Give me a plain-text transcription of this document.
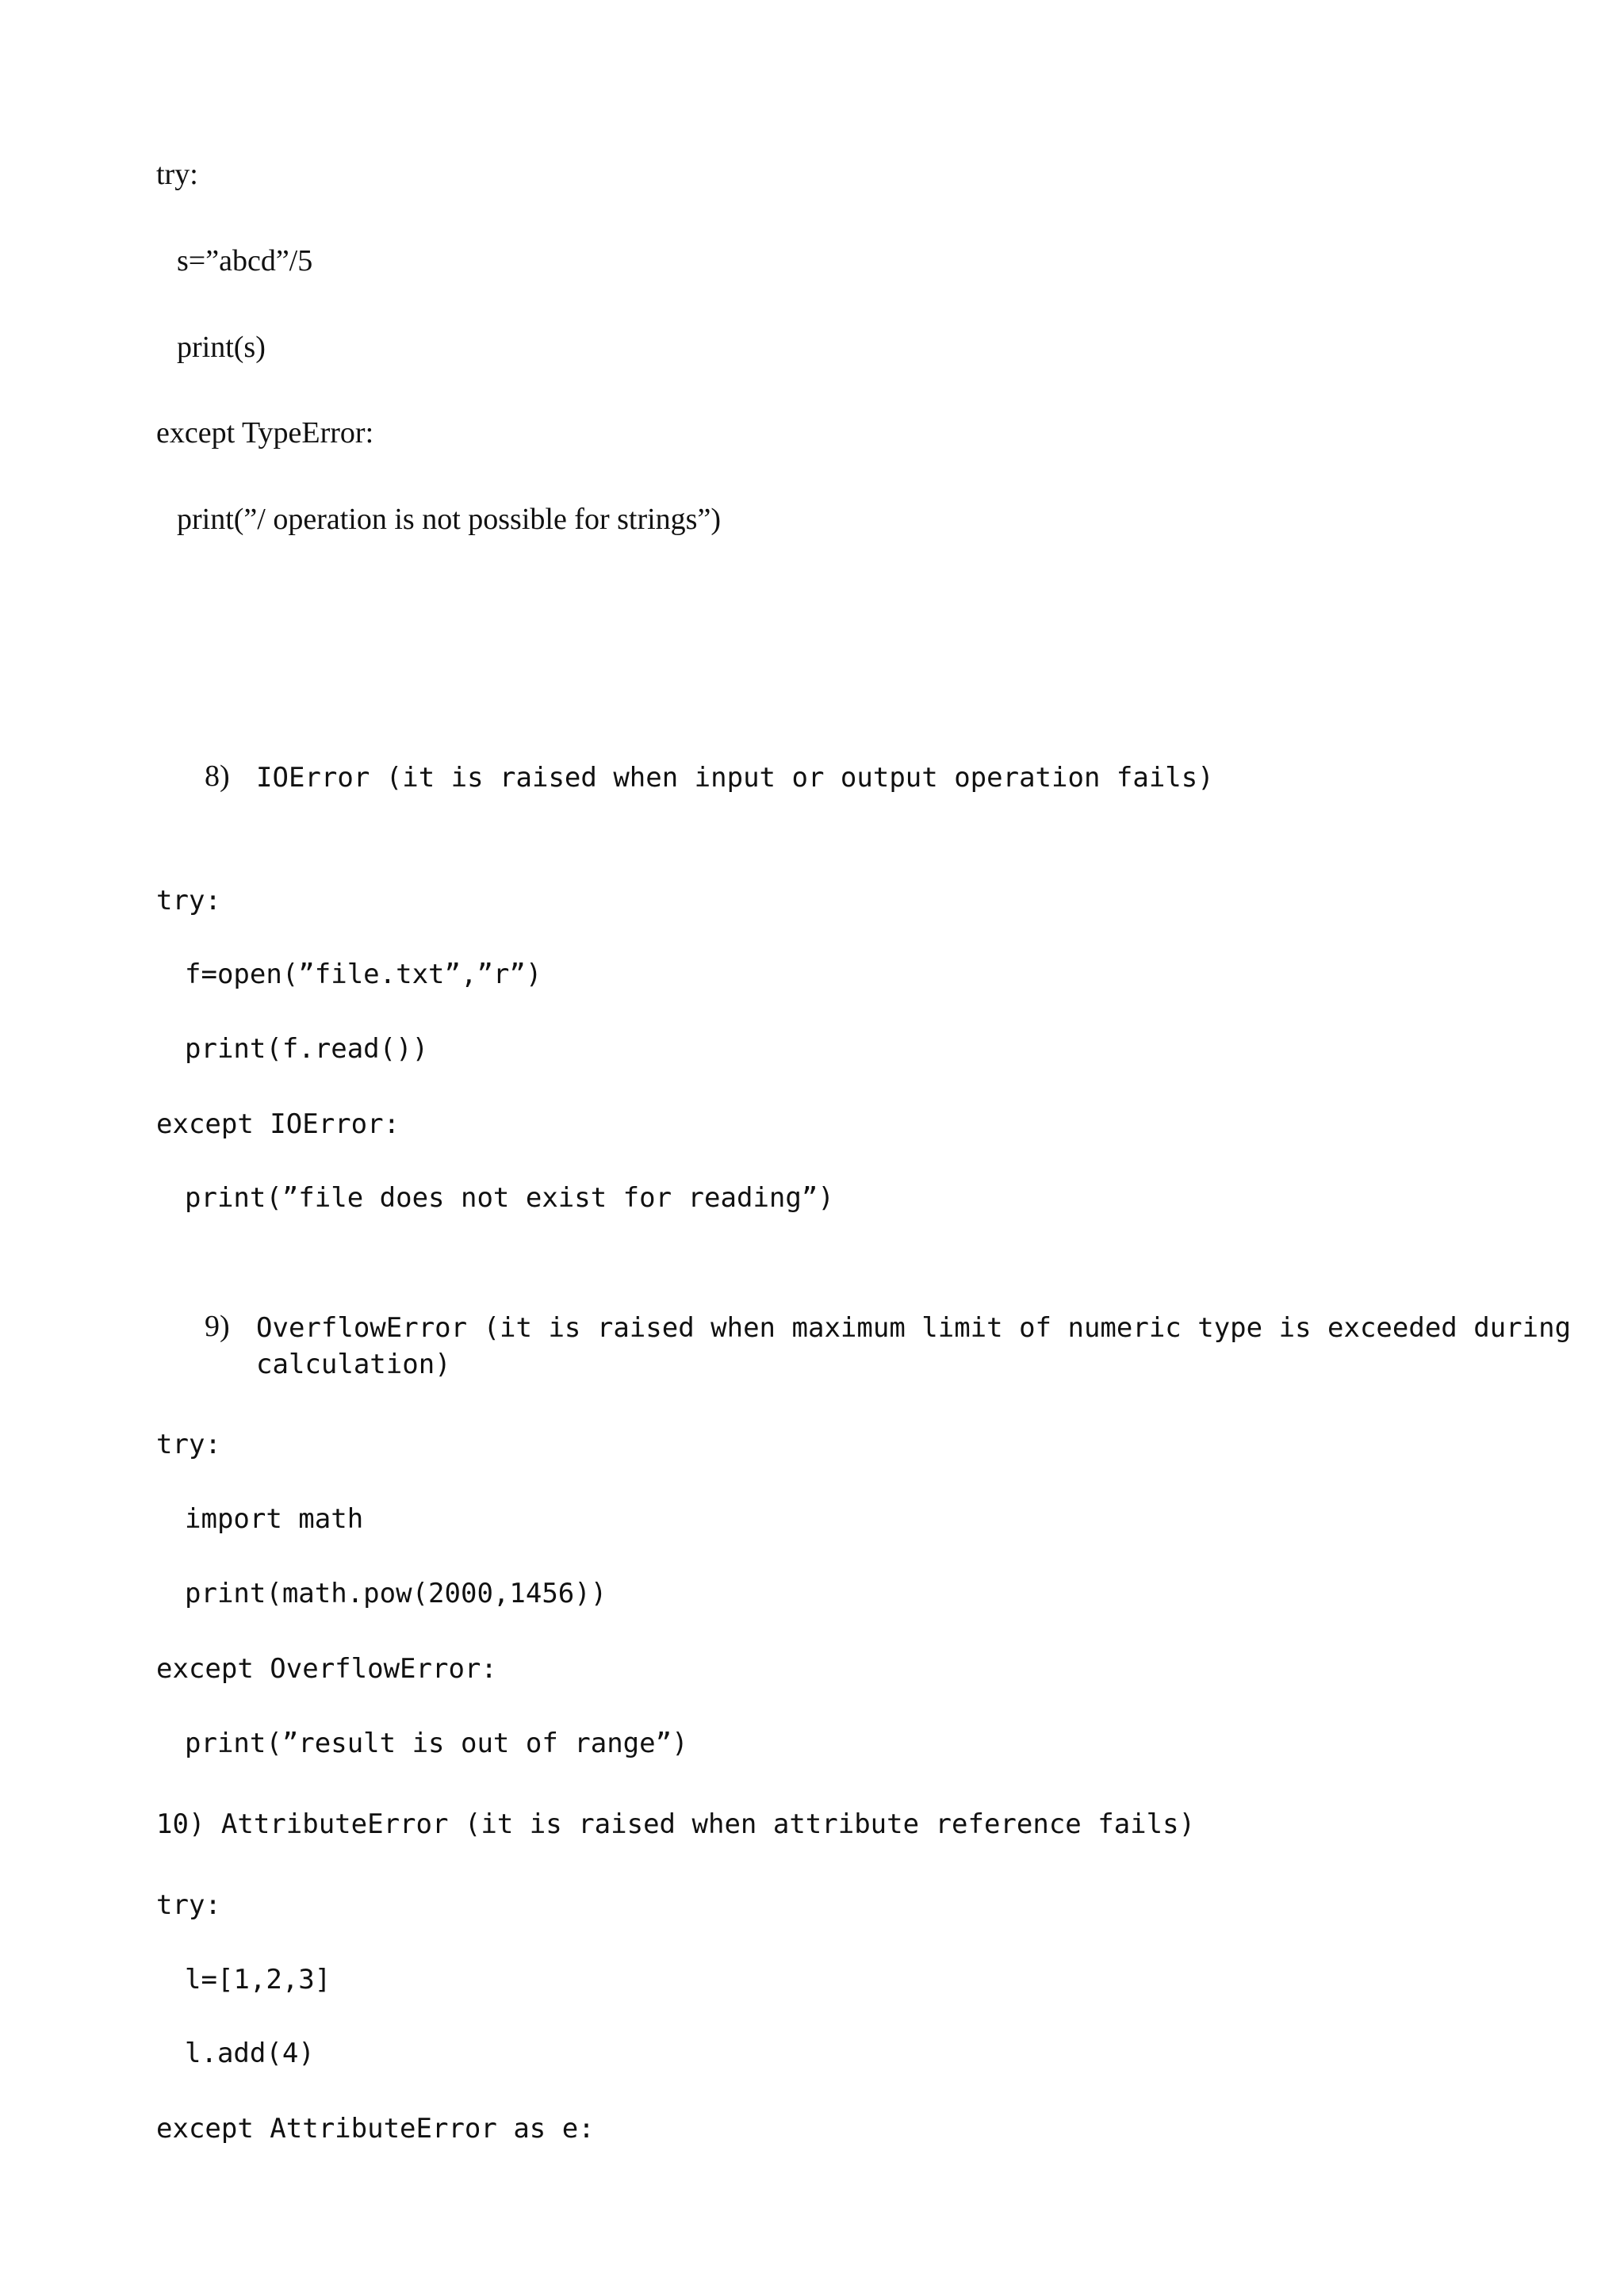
try:
s=”abcd”/5
print(s)
except TypeError:
print(”/ operation is not possible for strings”)
8) IOError (it is raised when input or output operation fails)
try:
f=open(”file.txt”,”r”)
print(f.read())
except IOError:
print(”file does not exist for reading”)
9) OverflowError (it is raised when maximum limit of numeric type is exceeded during
calculation)
try:
import math
print(math.pow(2000,1456))
except OverflowError:
print(”result is out of range”)
10) AttributeError (it is raised when attribute reference fails)
try:
l=[1,2,3]
l.add(4)
except AttributeError as e:
